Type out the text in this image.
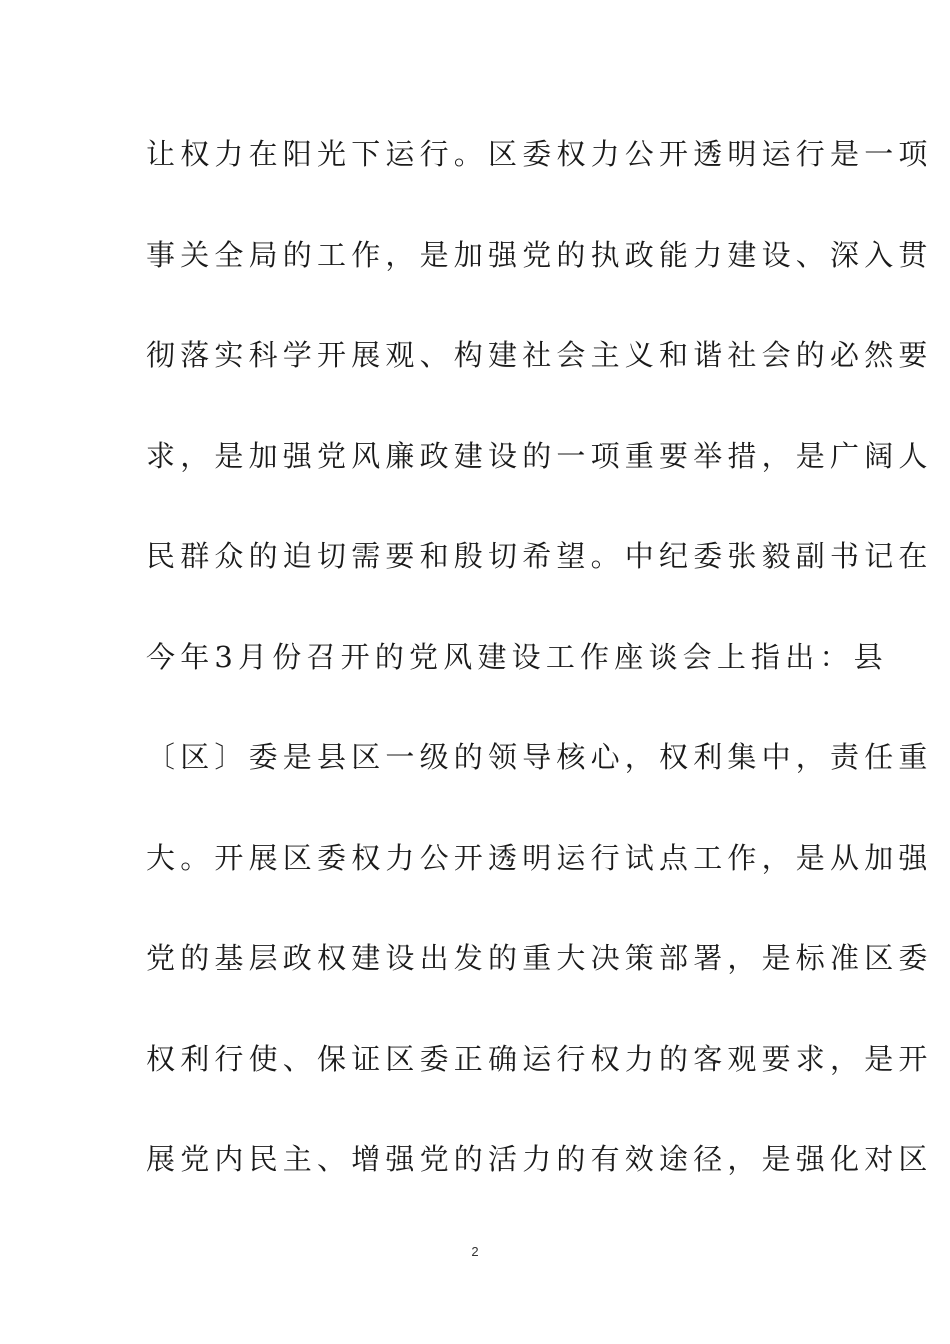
让权力在阳光下运行。区委权力公开透明运行是一项
事关全局的工作，是加强党的执政能力建设、深入贯
彻落实科学开展观、构建社会主义和谐社会的必然要
求，是加强党风廉政建设的一项重要举措，是广阔人
民群众的迫切需要和殷切希望。中纪委张毅副书记在
今年3月份召开的党风建设工作座谈会上指出：县
〔区〕委是县区一级的领导核心，权利集中，责任重
大。开展区委权力公开透明运行试点工作，是从加强
党的基层政权建设出发的重大决策部署，是标准区委
权利行使、保证区委正确运行权力的客观要求，是开
展党内民主、增强党的活力的有效途径，是强化对区
2
